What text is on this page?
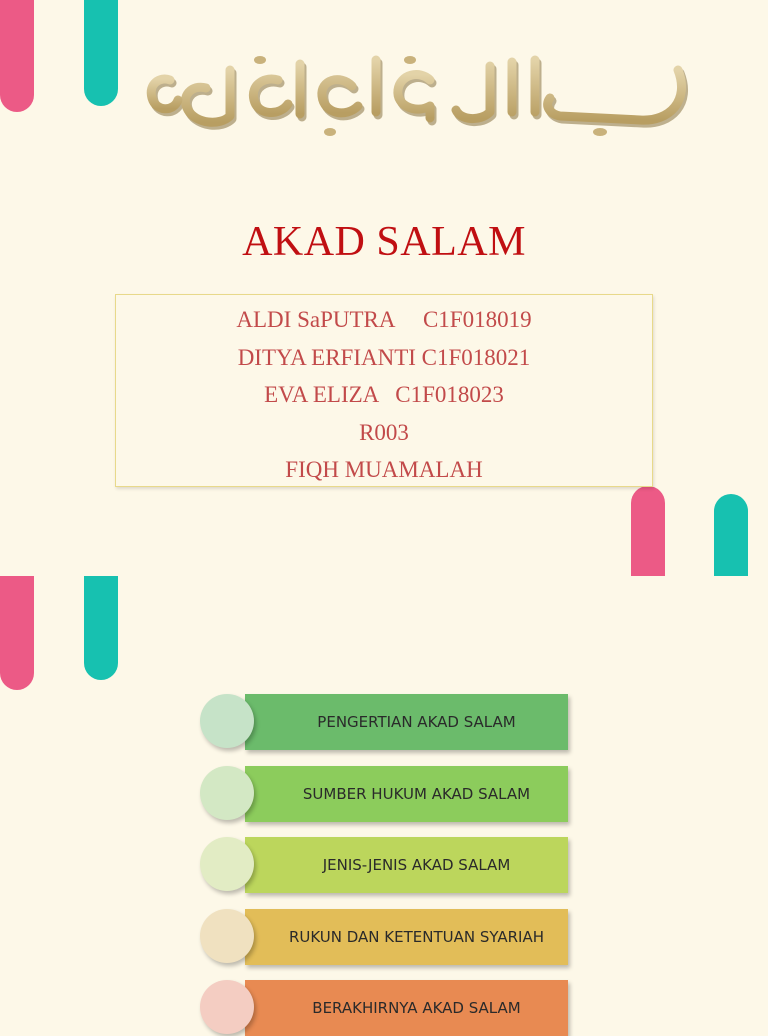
AKAD SALAM
ALDI SaPUTRA     C1F018019
DITYA ERFIANTI C1F018021
EVA ELIZA   C1F018023
R003
FIQH MUAMALAH
PENGERTIAN AKAD SALAM
SUMBER HUKUM AKAD SALAM
JENIS-JENIS AKAD SALAM
RUKUN DAN KETENTUAN SYARIAH
BERAKHIRNYA AKAD SALAM
